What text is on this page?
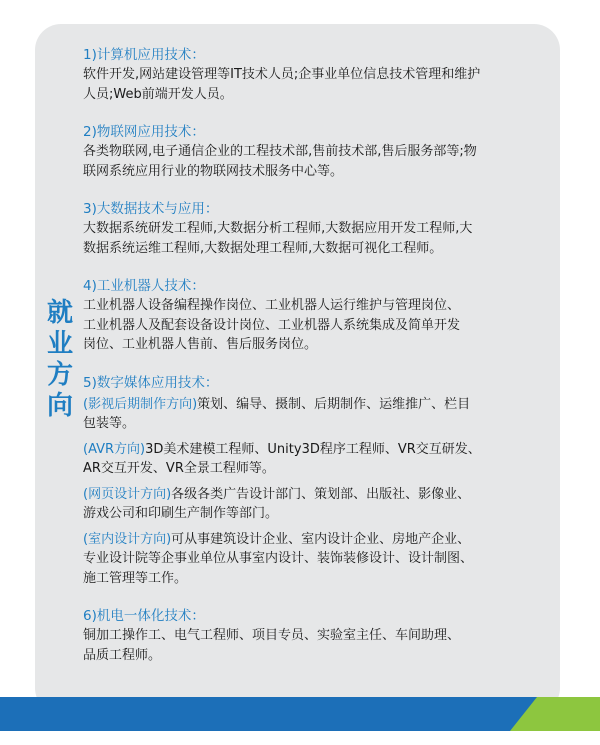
就
业
方
向
1)计算机应用技术：
软件开发,网站建设管理等IT技术人员;企事业单位信息技术管理和维护
人员;Web前端开发人员。
2)物联网应用技术：
各类物联网,电子通信企业的工程技术部,售前技术部,售后服务部等;物
联网系统应用行业的物联网技术服务中心等。
3)大数据技术与应用：
大数据系统研发工程师,大数据分析工程师,大数据应用开发工程师,大
数据系统运维工程师,大数据处理工程师,大数据可视化工程师。
4)工业机器人技术：
工业机器人设备编程操作岗位、工业机器人运行维护与管理岗位、
工业机器人及配套设备设计岗位、工业机器人系统集成及简单开发
岗位、工业机器人售前、售后服务岗位。
5)数字媒体应用技术：
(影视后期制作方向)策划、编导、摄制、后期制作、运维推广、栏目
包装等。
(AVR方向)3D美术建模工程师、Unity3D程序工程师、VR交互研发、
AR交互开发、VR全景工程师等。
(网页设计方向)各级各类广告设计部门、策划部、出版社、影像业、
游戏公司和印刷生产制作等部门。
(室内设计方向)可从事建筑设计企业、室内设计企业、房地产企业、
专业设计院等企事业单位从事室内设计、装饰装修设计、设计制图、
施工管理等工作。
6)机电一体化技术：
铜加工操作工、电气工程师、项目专员、实验室主任、车间助理、
品质工程师。
